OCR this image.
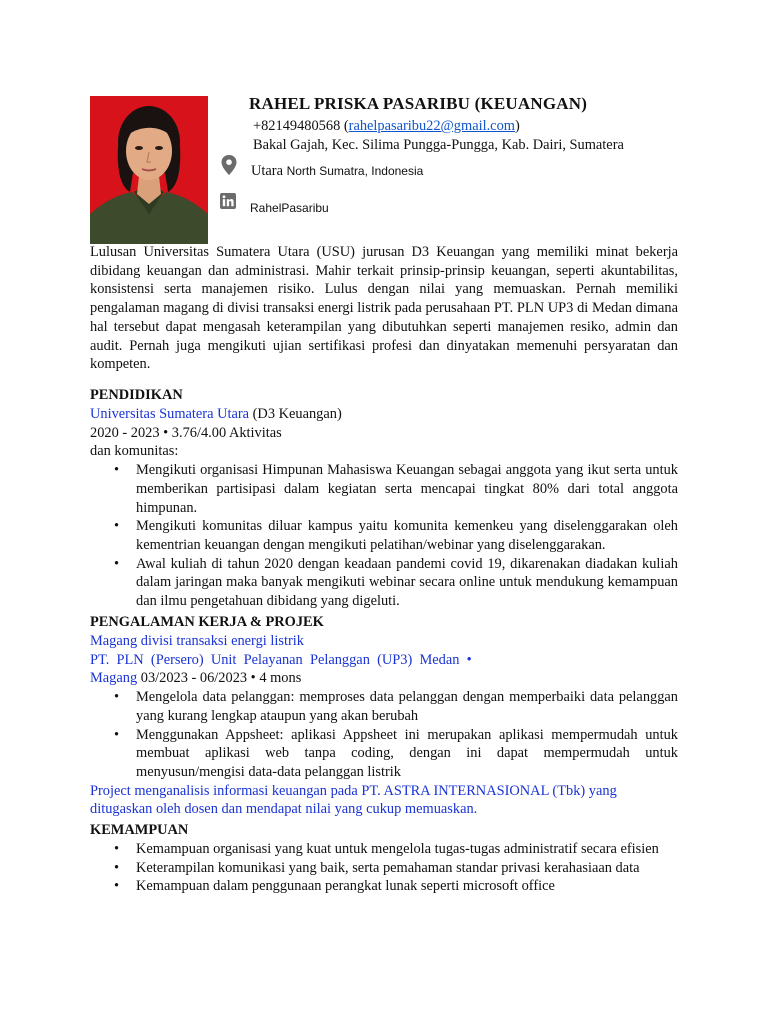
RAHEL PRISKA PASARIBU (KEUANGAN)
+82149480568 (rahelpasaribu22@gmail.com)
Bakal Gajah, Kec. Silima Pungga-Pungga, Kab. Dairi, Sumatera
Utara North Sumatra, Indonesia
RahelPasaribu
Lulusan Universitas Sumatera Utara (USU) jurusan D3 Keuangan yang memiliki minat bekerja dibidang keuangan dan administrasi. Mahir terkait prinsip-prinsip keuangan, seperti akuntabilitas, konsistensi serta manajemen risiko. Lulus dengan nilai yang memuaskan. Pernah memiliki pengalaman magang di divisi transaksi energi listrik pada perusahaan PT. PLN UP3 di Medan dimana hal tersebut dapat mengasah keterampilan yang dibutuhkan seperti manajemen resiko, admin dan audit. Pernah juga mengikuti ujian sertifikasi profesi dan dinyatakan memenuhi persyaratan dan kompeten.
PENDIDIKAN
Universitas Sumatera Utara (D3 Keuangan)
2020 - 2023 • 3.76/4.00 Aktivitas
dan komunitas:
• Mengikuti organisasi Himpunan Mahasiswa Keuangan sebagai anggota yang ikut serta untuk memberikan partisipasi dalam kegiatan serta mencapai tingkat 80% dari total anggota himpunan.
• Mengikuti komunitas diluar kampus yaitu komunita kemenkeu yang diselenggarakan oleh kementrian keuangan dengan mengikuti pelatihan/webinar yang diselenggarakan.
• Awal kuliah di tahun 2020 dengan keadaan pandemi covid 19, dikarenakan diadakan kuliah dalam jaringan maka banyak mengikuti webinar secara online untuk mendukung kemampuan dan ilmu pengetahuan dibidang yang digeluti.
PENGALAMAN KERJA & PROJEK
Magang divisi transaksi energi listrik
PT.  PLN  (Persero)  Unit  Pelayanan  Pelanggan  (UP3)  Medan  •
Magang 03/2023 - 06/2023 • 4 mons
• Mengelola data pelanggan: memproses data pelanggan dengan memperbaiki data pelanggan yang kurang lengkap ataupun yang akan berubah
• Menggunakan Appsheet: aplikasi Appsheet ini merupakan aplikasi mempermudah untuk membuat aplikasi web tanpa coding, dengan ini dapat mempermudah untuk menyusun/mengisi data-data pelanggan listrik
Project menganalisis informasi keuangan pada PT. ASTRA INTERNASIONAL (Tbk) yang
ditugaskan oleh dosen dan mendapat nilai yang cukup memuaskan.
KEMAMPUAN
• Kemampuan organisasi yang kuat untuk mengelola tugas-tugas administratif secara efisien
• Keterampilan komunikasi yang baik, serta pemahaman standar privasi kerahasiaan data
• Kemampuan dalam penggunaan perangkat lunak seperti microsoft office
